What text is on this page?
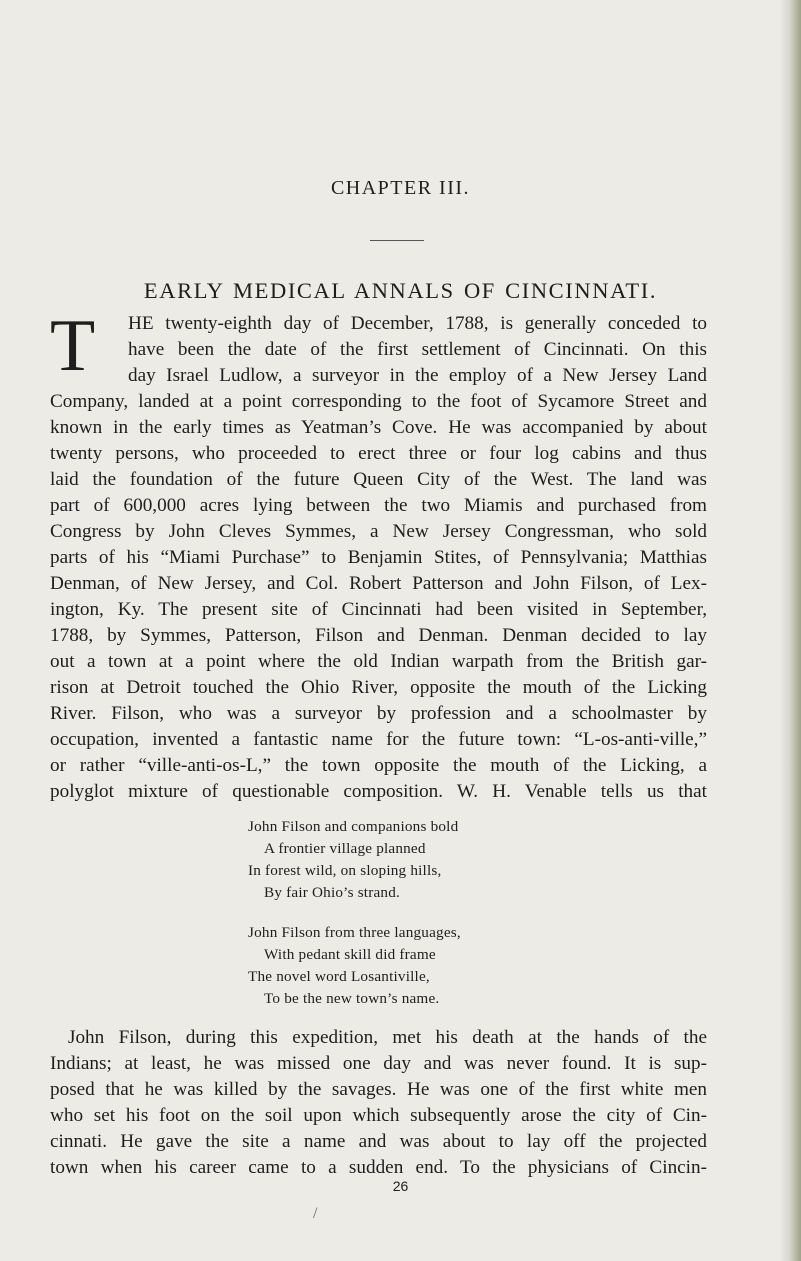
CHAPTER III.
EARLY MEDICAL ANNALS OF CINCINNATI.
T HE twenty-eighth day of December, 1788, is generally conceded to
have been the date of the first settlement of Cincinnati. On this
day Israel Ludlow, a surveyor in the employ of a New Jersey Land
Company, landed at a point corresponding to the foot of Sycamore Street and
known in the early times as Yeatman’s Cove. He was accompanied by about
twenty persons, who proceeded to erect three or four log cabins and thus
laid the foundation of the future Queen City of the West. The land was
part of 600,000 acres lying between the two Miamis and purchased from
Congress by John Cleves Symmes, a New Jersey Congressman, who sold
parts of his “Miami Purchase” to Benjamin Stites, of Pennsylvania; Matthias
Denman, of New Jersey, and Col. Robert Patterson and John Filson, of Lex-
ington, Ky. The present site of Cincinnati had been visited in September,
1788, by Symmes, Patterson, Filson and Denman. Denman decided to lay
out a town at a point where the old Indian warpath from the British gar-
rison at Detroit touched the Ohio River, opposite the mouth of the Licking
River. Filson, who was a surveyor by profession and a schoolmaster by
occupation, invented a fantastic name for the future town: “L-os-anti-ville,”
or rather “ville-anti-os-L,” the town opposite the mouth of the Licking, a
polyglot mixture of questionable composition. W. H. Venable tells us that
John Filson and companions bold
A frontier village planned
In forest wild, on sloping hills,
By fair Ohio’s strand.
John Filson from three languages,
With pedant skill did frame
The novel word Losantiville,
To be the new town’s name.
John Filson, during this expedition, met his death at the hands of the
Indians; at least, he was missed one day and was never found. It is sup-
posed that he was killed by the savages. He was one of the first white men
who set his foot on the soil upon which subsequently arose the city of Cin-
cinnati. He gave the site a name and was about to lay off the projected
town when his career came to a sudden end. To the physicians of Cincin-
26
/
